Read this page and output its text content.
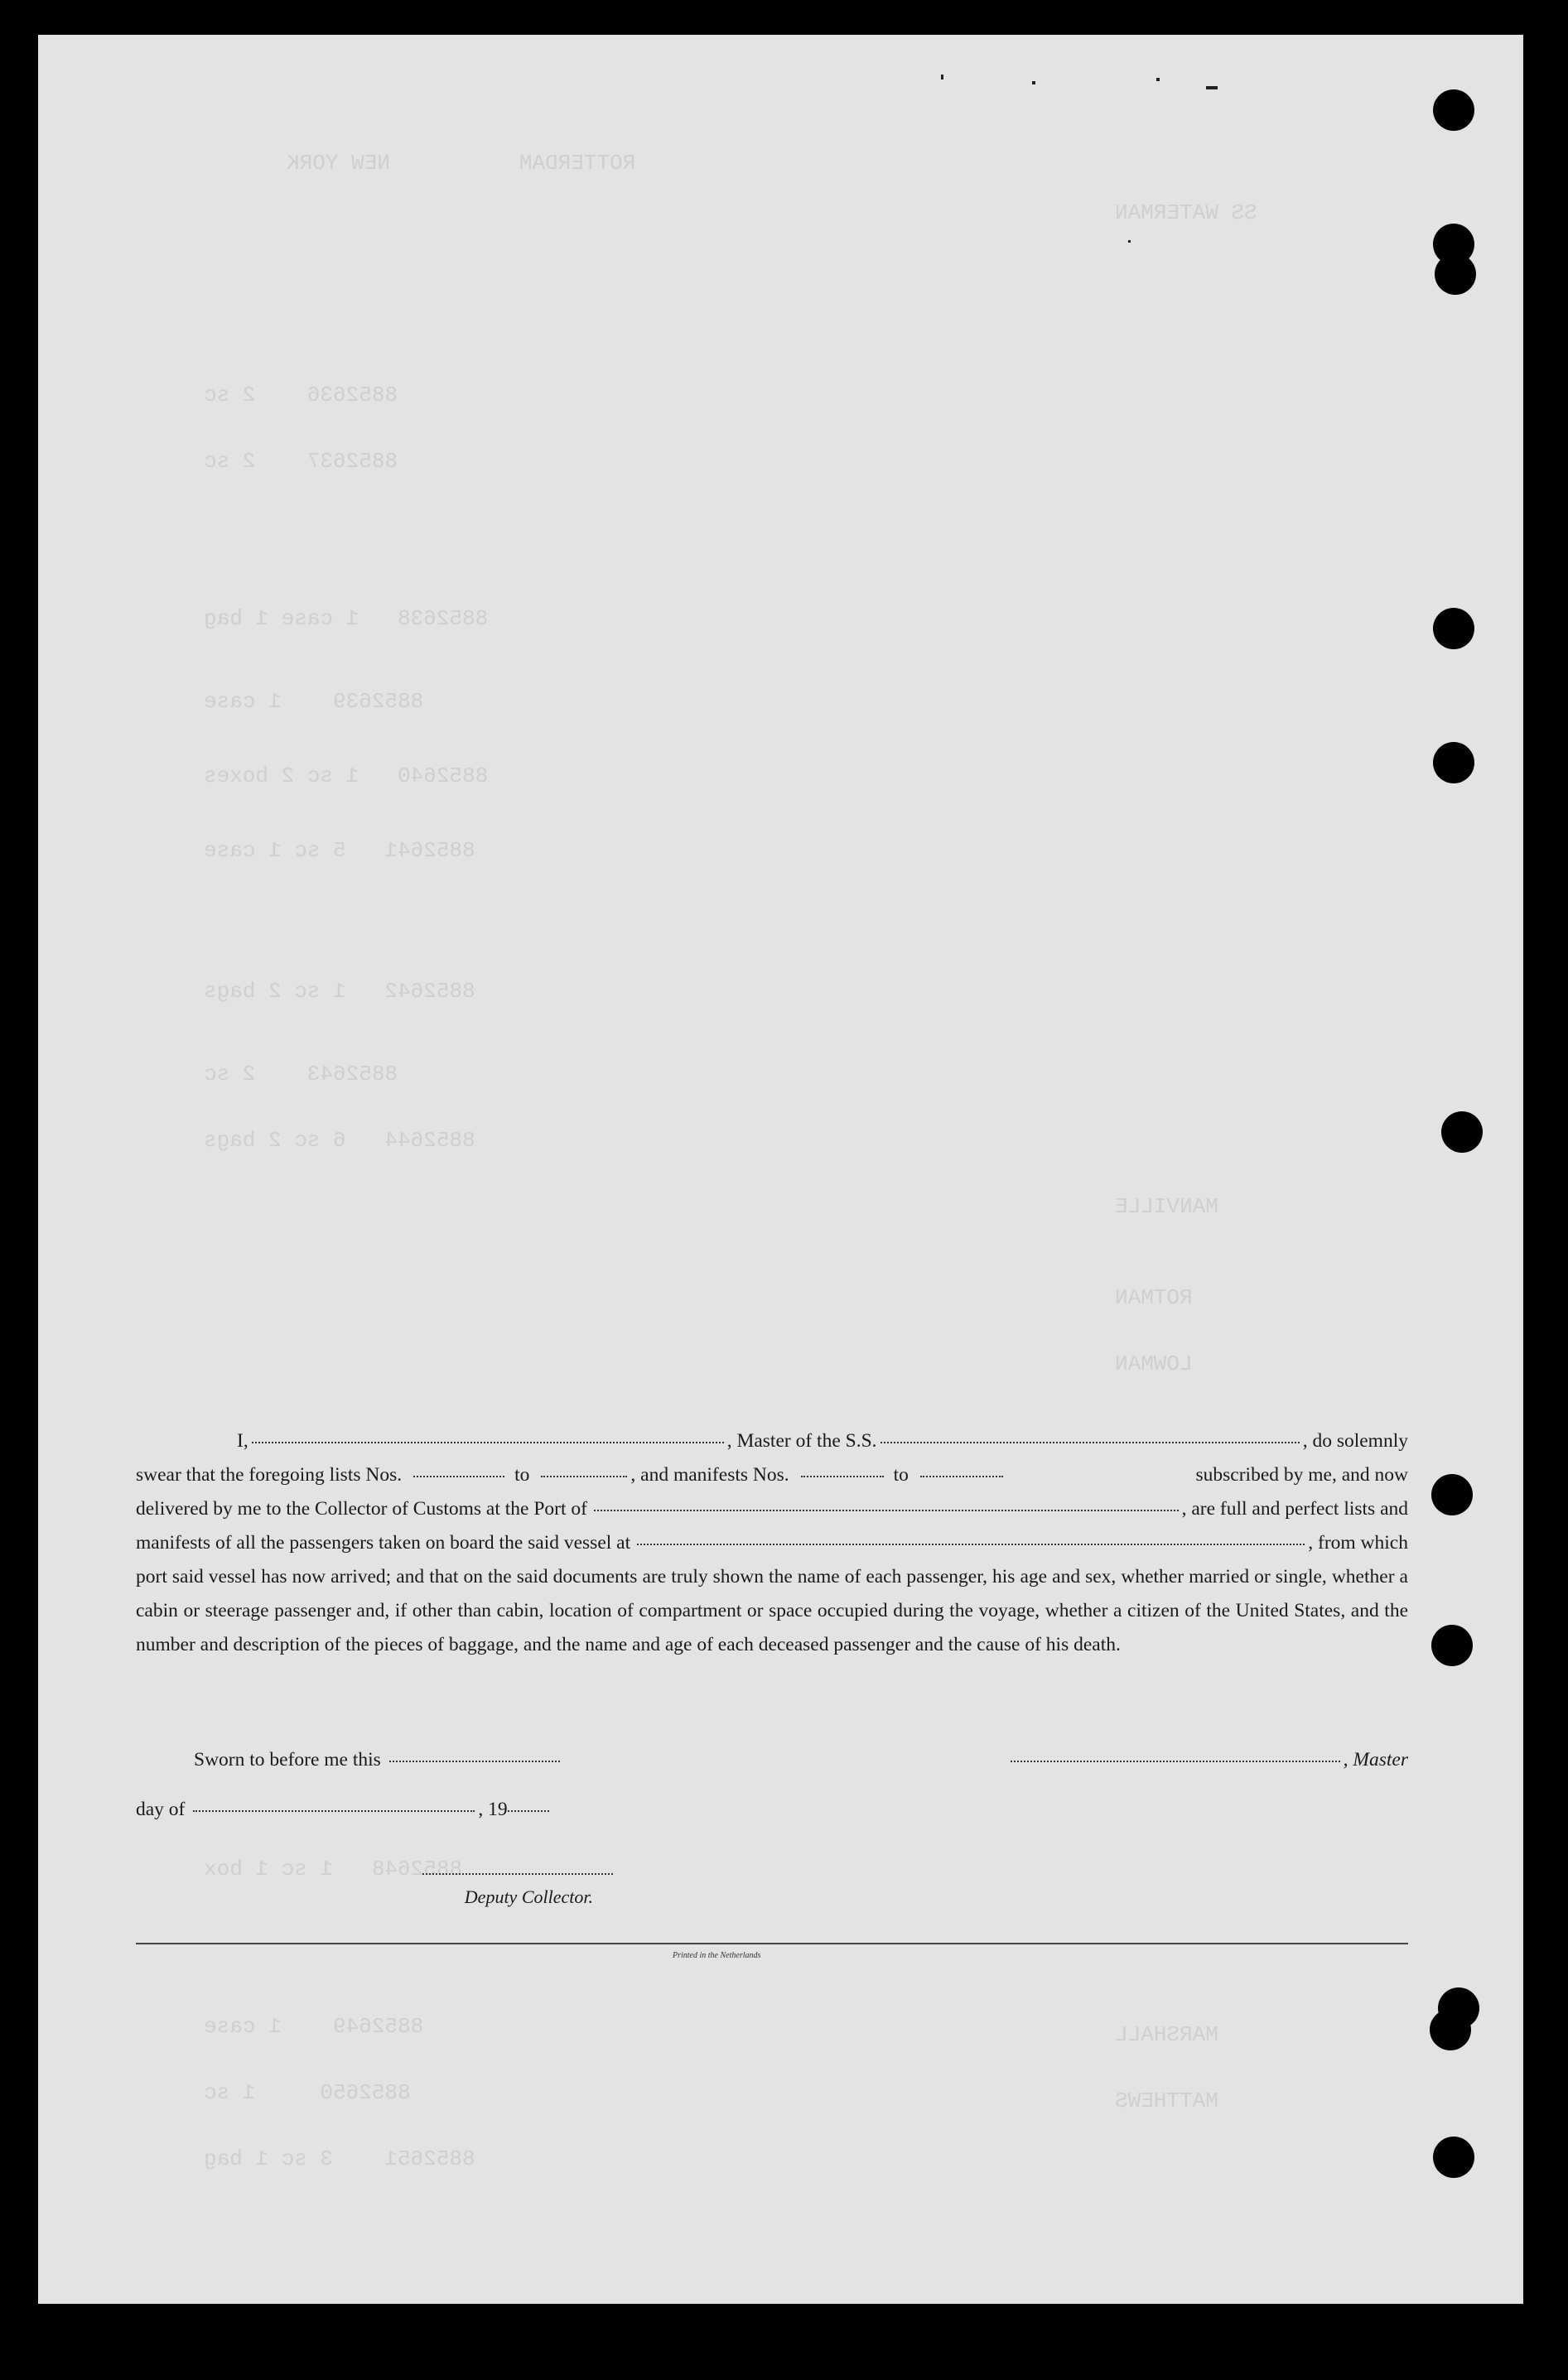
ROTTERDAM          NEW YORK
SS WATERMAN
8852636    2 sc
8852637    2 sc
8852638   1 case 1 bag
8852639    1 case
8852640   1 sc 2 boxes
8852641   5 sc 1 case
8852642   1 sc 2 bags
8852643    2 sc
8852644   6 sc 2 bags
MANVILLE
ROTMAN
LOWMAN
8852648   1 sc 1 box
8852649    1 case
8852650     1 sc
8852651    3 sc 1 bag
MARSHALL
MATTHEWS
I,	, Master of the S.S.	, do solemnly
swear that the foregoing lists Nos.	to	, and manifests Nos.	to	subscribed by me, and now
delivered by me to the Collector of Customs at the Port of	, are full and perfect lists and
manifests of all the passengers taken on board the said vessel at	, from which
port said vessel has now arrived; and that on the said documents are truly shown the name of each passenger, his age and sex, whether married or single, whether a cabin or steerage passenger and, if other than cabin, location of compartment or space occupied during the voyage, whether a citizen of the United States, and the number and description of the pieces of baggage, and the name and age of each deceased passenger and the cause of his death.
Sworn to before me this	, Master
day of	, 19
Deputy Collector.
Printed in the Netherlands
